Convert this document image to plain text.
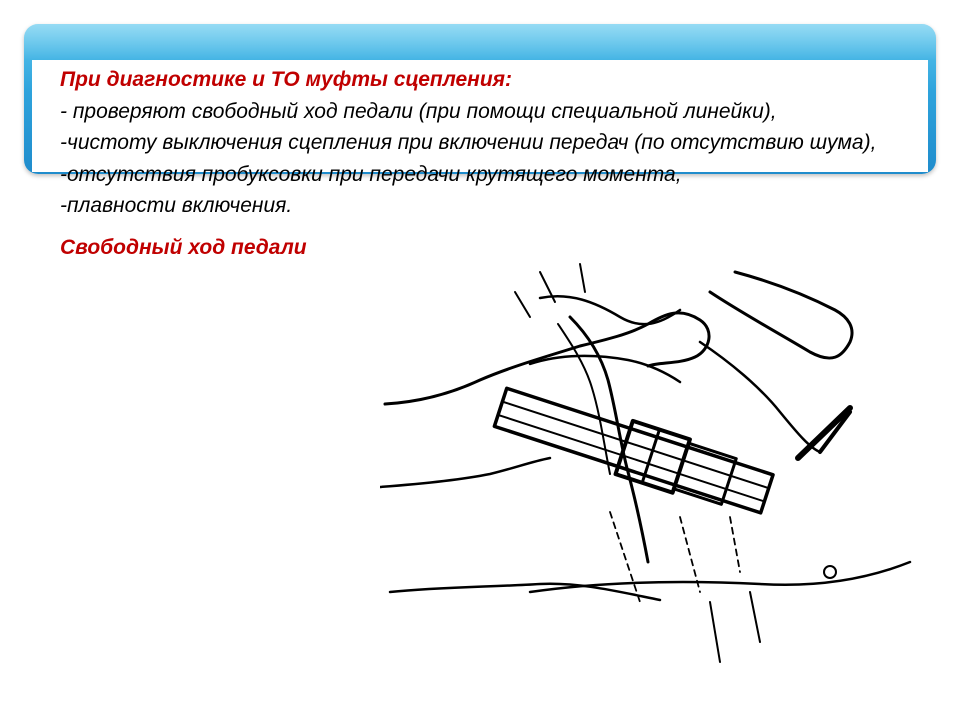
При диагностике и ТО муфты сцепления:

- проверяют свободный ход педали (при помощи специальной линейки),

-чистоту выключения сцепления при включении передач (по отсутствию шума),

-отсутствия пробуксовки при передачи крутящего момента,

-плавности включения.

Свободный ход педали
